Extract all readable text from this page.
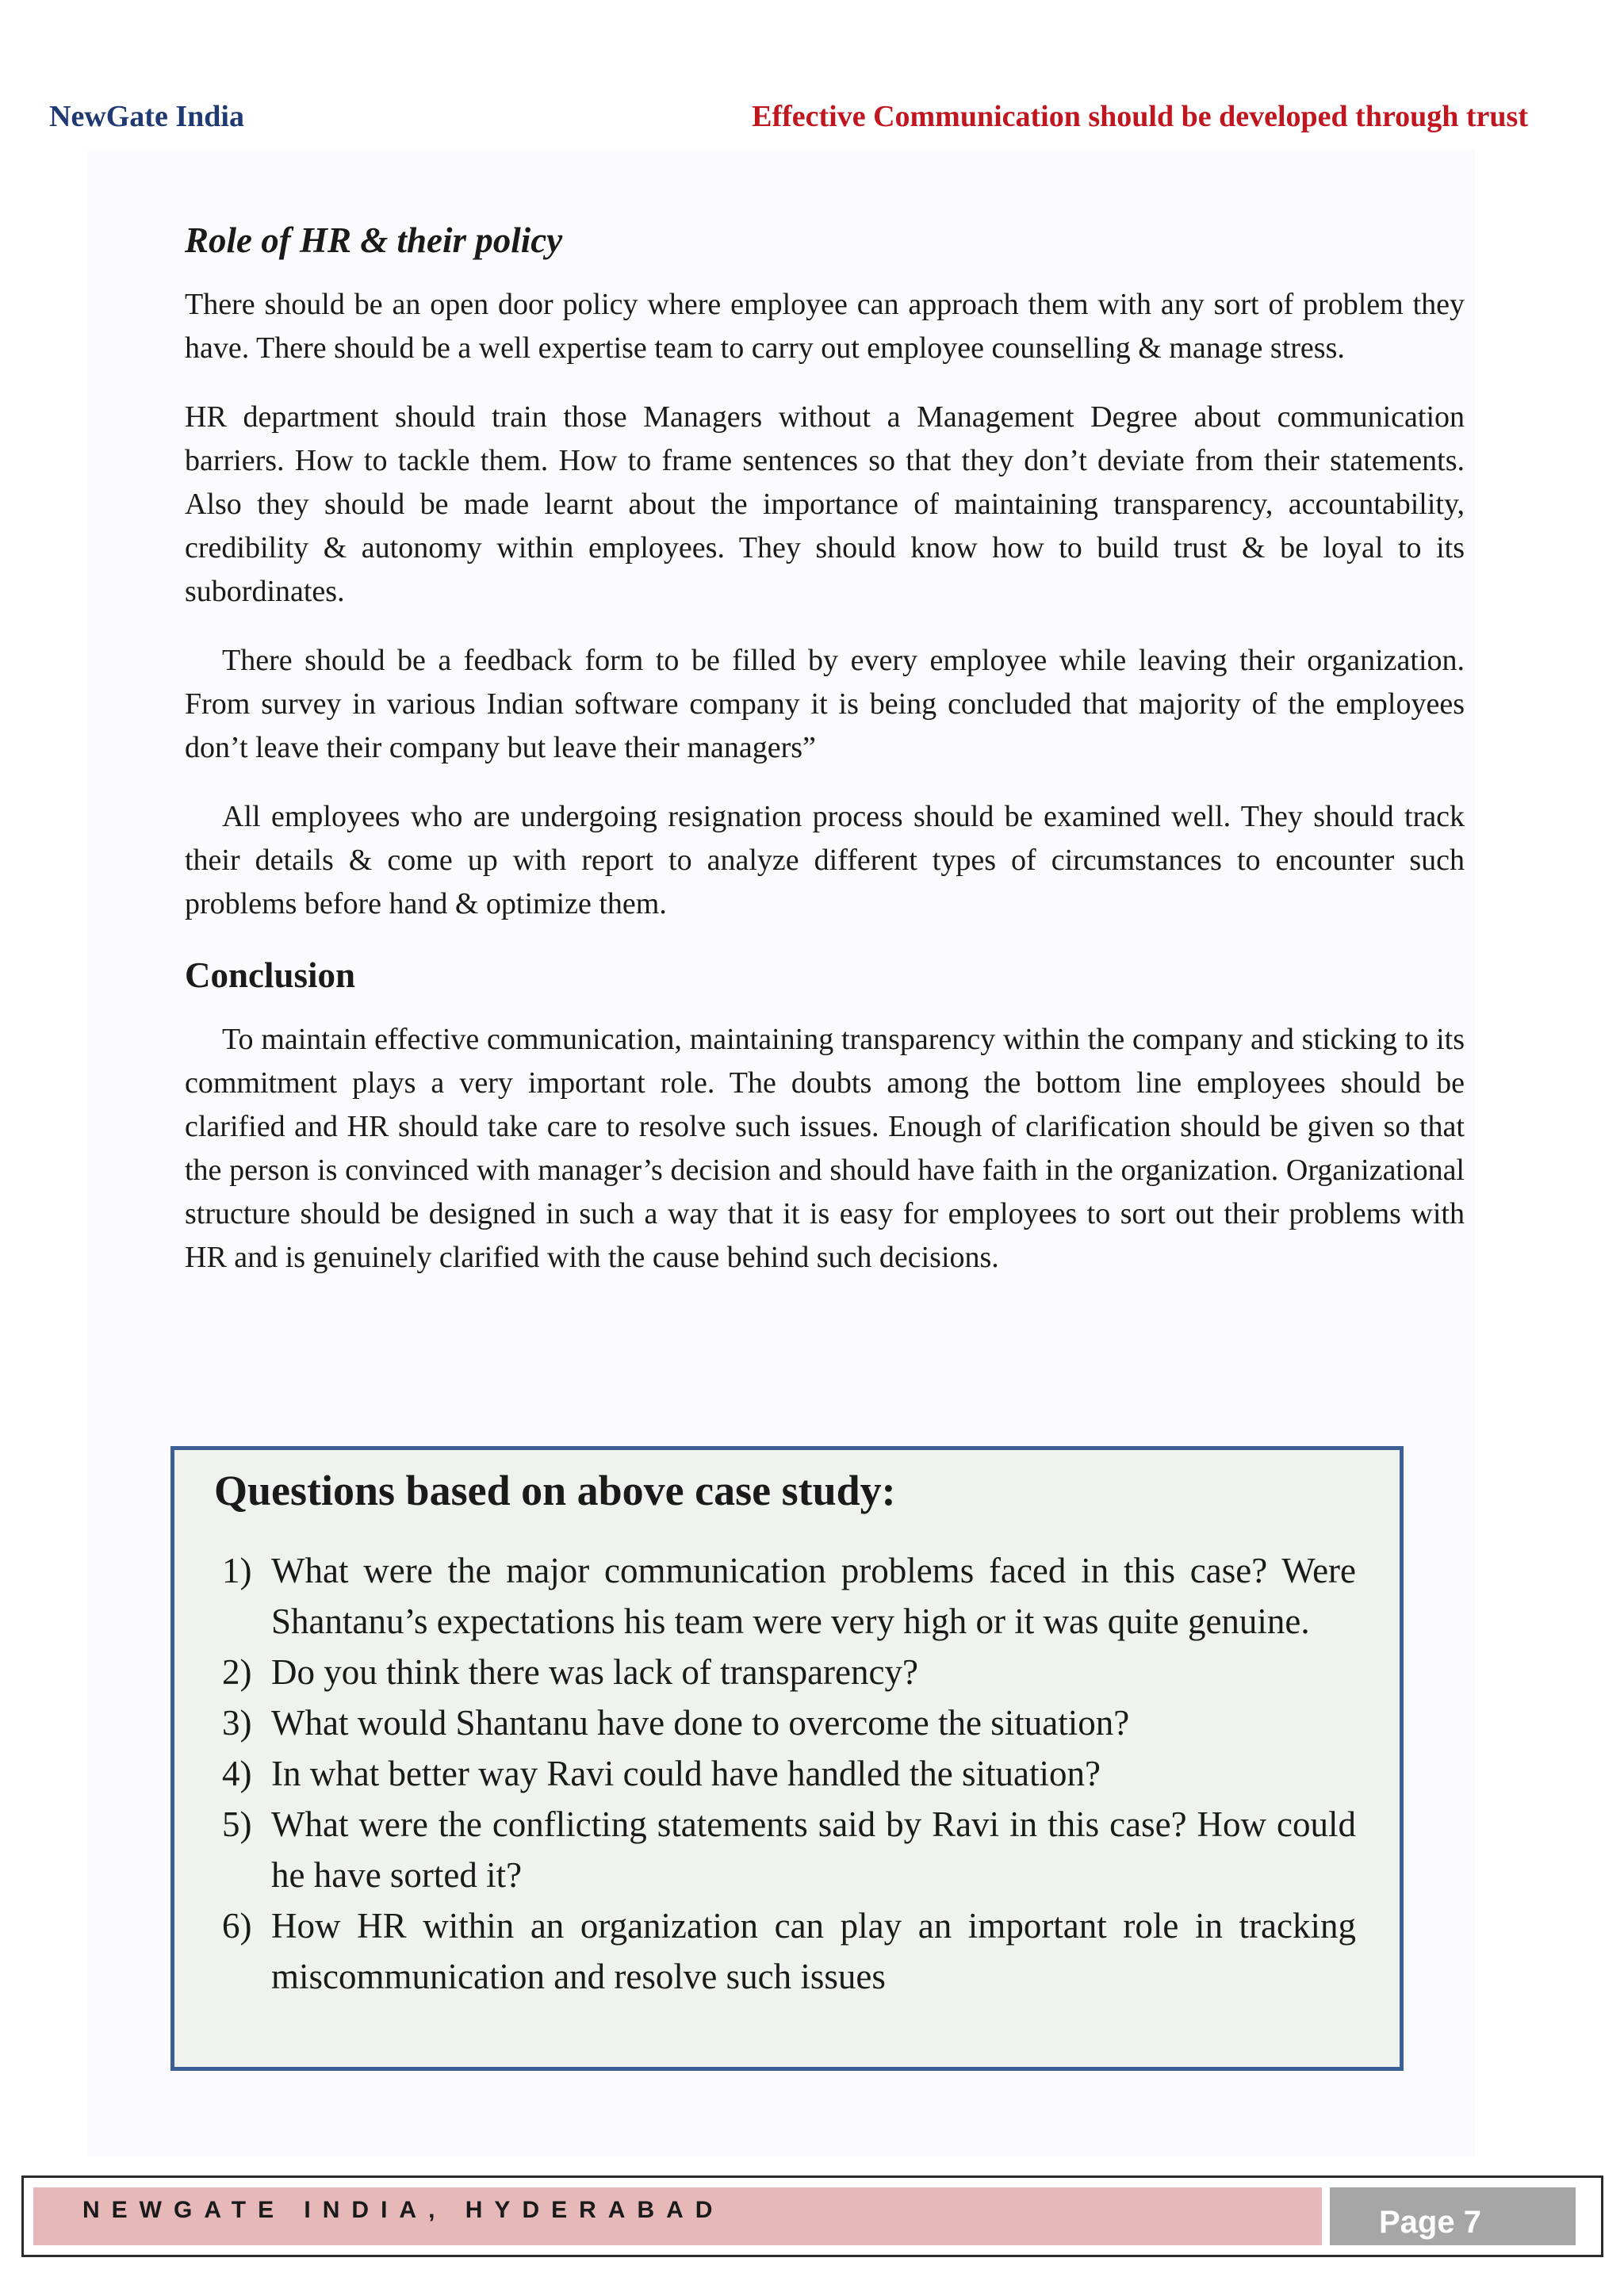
NewGate India	Effective Communication should be developed through trust
Role of HR & their policy

There should be an open door policy where employee can approach them with any sort of problem they have. There should be a well expertise team to carry out employee counselling & manage stress.

HR department should train those Managers without a Management Degree about communication barriers. How to tackle them. How to frame sentences so that they don’t deviate from their statements. Also they should be made learnt about the importance of maintaining transparency, accountability, credibility & autonomy within employees. They should know how to build trust & be loyal to its subordinates.

There should be a feedback form to be filled by every employee while leaving their organization. From survey in various Indian software company it is being concluded that majority of the employees don’t leave their company but leave their managers”

All employees who are undergoing resignation process should be examined well. They should track their details & come up with report to analyze different types of circumstances to encounter such problems before hand & optimize them.

Conclusion

To maintain effective communication, maintaining transparency within the company and sticking to its commitment plays a very important role. The doubts among the bottom line employees should be clarified and HR should take care to resolve such issues. Enough of clarification should be given so that the person is convinced with manager’s decision and should have faith in the organization. Organizational structure should be designed in such a way that it is easy for employees to sort out their problems with HR and is genuinely clarified with the cause behind such decisions.

Questions based on above case study:
1) What were the major communication problems faced in this case? Were Shantanu’s expectations his team were very high or it was quite genuine.
2) Do you think there was lack of transparency?
3) What would Shantanu have done to overcome the situation?
4) In what better way Ravi could have handled the situation?
5) What were the conflicting statements said by Ravi in this case? How could he have sorted it?
6) How HR within an organization can play an important role in tracking miscommunication and resolve such issues
NEWGATE INDIA, HYDERABAD	Page 7
